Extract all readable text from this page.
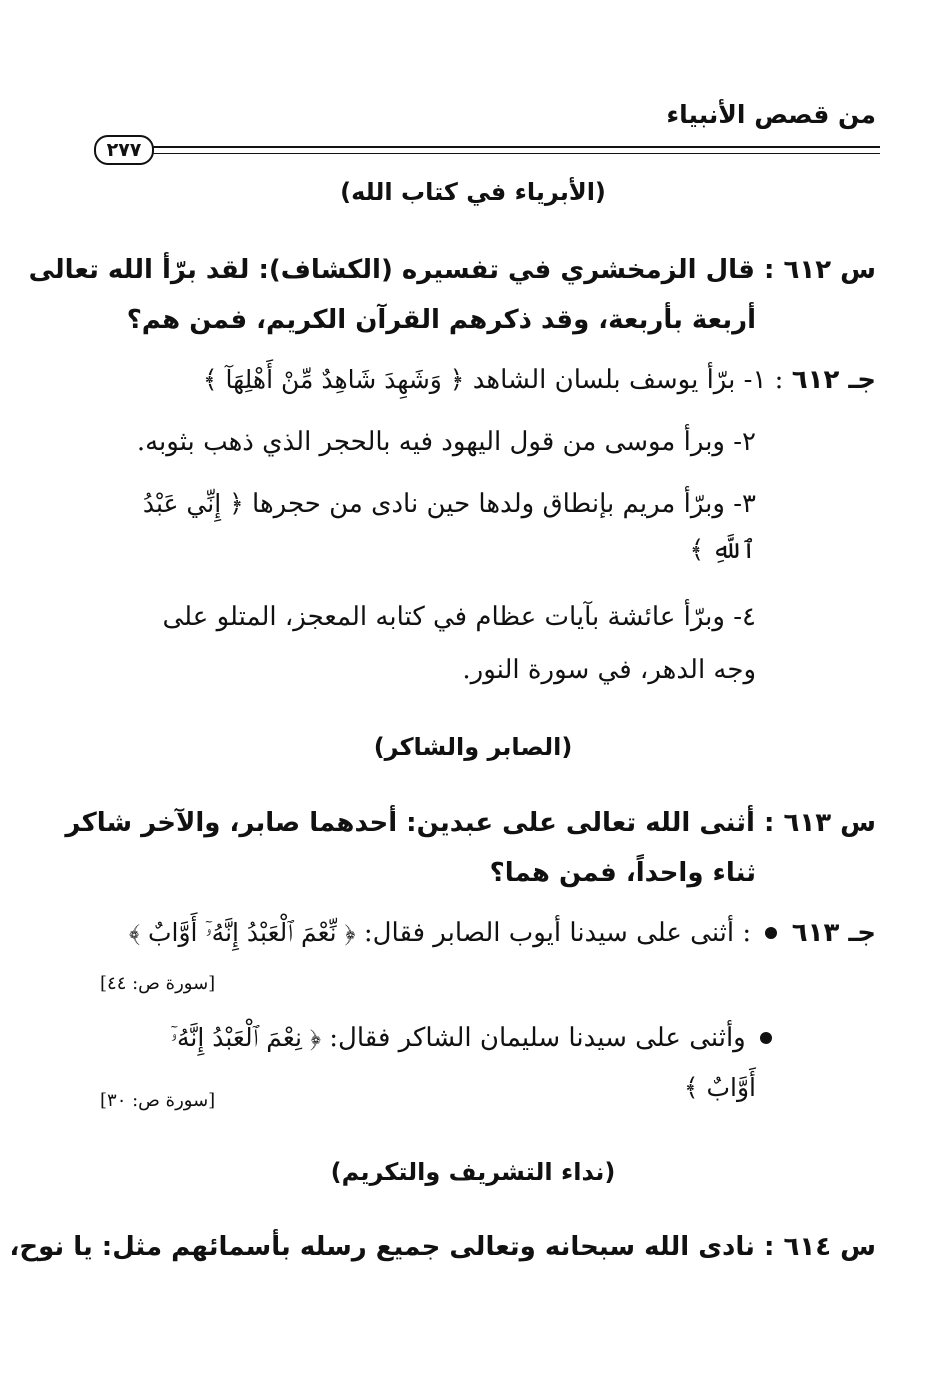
من قصص الأنبياء
٢٧٧
(الأبرياء في كتاب الله)
س ٦١٢ : قال الزمخشري في تفسيره (الكشاف): لقد برّأ الله تعالى
أربعة بأربعة، وقد ذكرهم القرآن الكريم، فمن هم؟
جـ ٦١٢ : ١- برّأ يوسف بلسان الشاهد ﴿ وَشَهِدَ شَاهِدٌ مِّنْ أَهْلِهَآ ﴾
٢- وبرأ موسى من قول اليهود فيه بالحجر الذي ذهب بثوبه.
٣- وبرّأ مريم بإنطاق ولدها حين نادى من حجرها ﴿ إِنِّي عَبْدُ
ٱللَّهِ ﴾
٤- وبرّأ عائشة بآيات عظام في كتابه المعجز، المتلو على
وجه الدهر، في سورة النور.
(الصابر والشاكر)
س ٦١٣ : أثنى الله تعالى على عبدين: أحدهما صابر، والآخر شاكر
ثناء واحداً، فمن هما؟
جـ ٦١٣  : أثنى على سيدنا أيوب الصابر فقال: ﴿ نِّعْمَ ٱلْعَبْدُ إِنَّهُۥٓ أَوَّابٌ ﴾
[سورة ص: ٤٤]
وأثنى على سيدنا سليمان الشاكر فقال: ﴿ نِعْمَ ٱلْعَبْدُ إِنَّهُۥٓ
أَوَّابٌ ﴾
[سورة ص: ٣٠]
(نداء التشريف والتكريم)
س ٦١٤ : نادى الله سبحانه وتعالى جميع رسله بأسمائهم مثل: يا نوح،
